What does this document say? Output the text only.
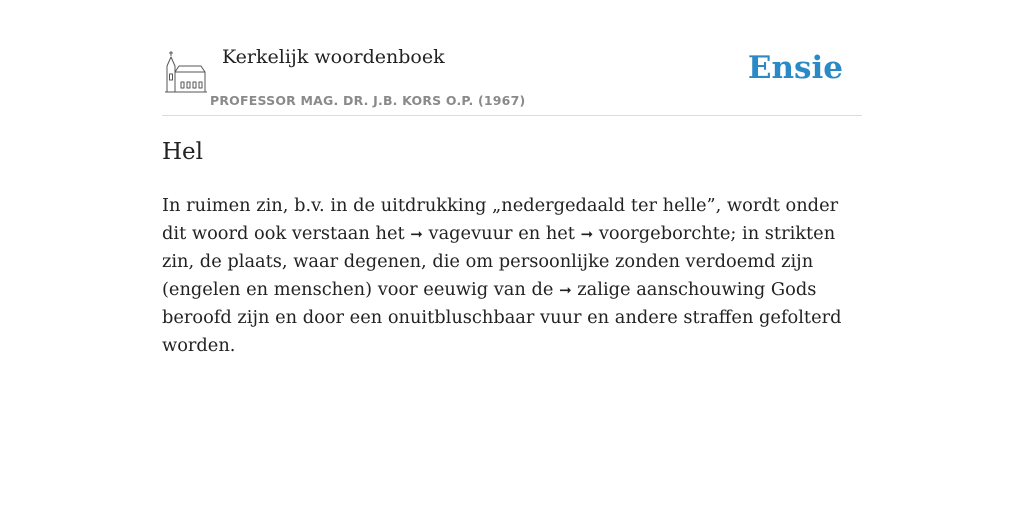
Kerkelijk woordenboek
PROFESSOR MAG. DR. J.B. KORS O.P. (1967)
Ensie
Hel

In ruimen zin, b.v. in de uitdrukking „nedergedaald ter helle”, wordt onder dit woord ook verstaan het ➞ vagevuur en het ➞ voorgeborchte; in strikten zin, de plaats, waar degenen, die om persoonlijke zonden verdoemd zijn (engelen en menschen) voor eeuwig van de ➞ zalige aanschouwing Gods beroofd zijn en door een onuitbluschbaar vuur en andere straffen gefolterd worden.
